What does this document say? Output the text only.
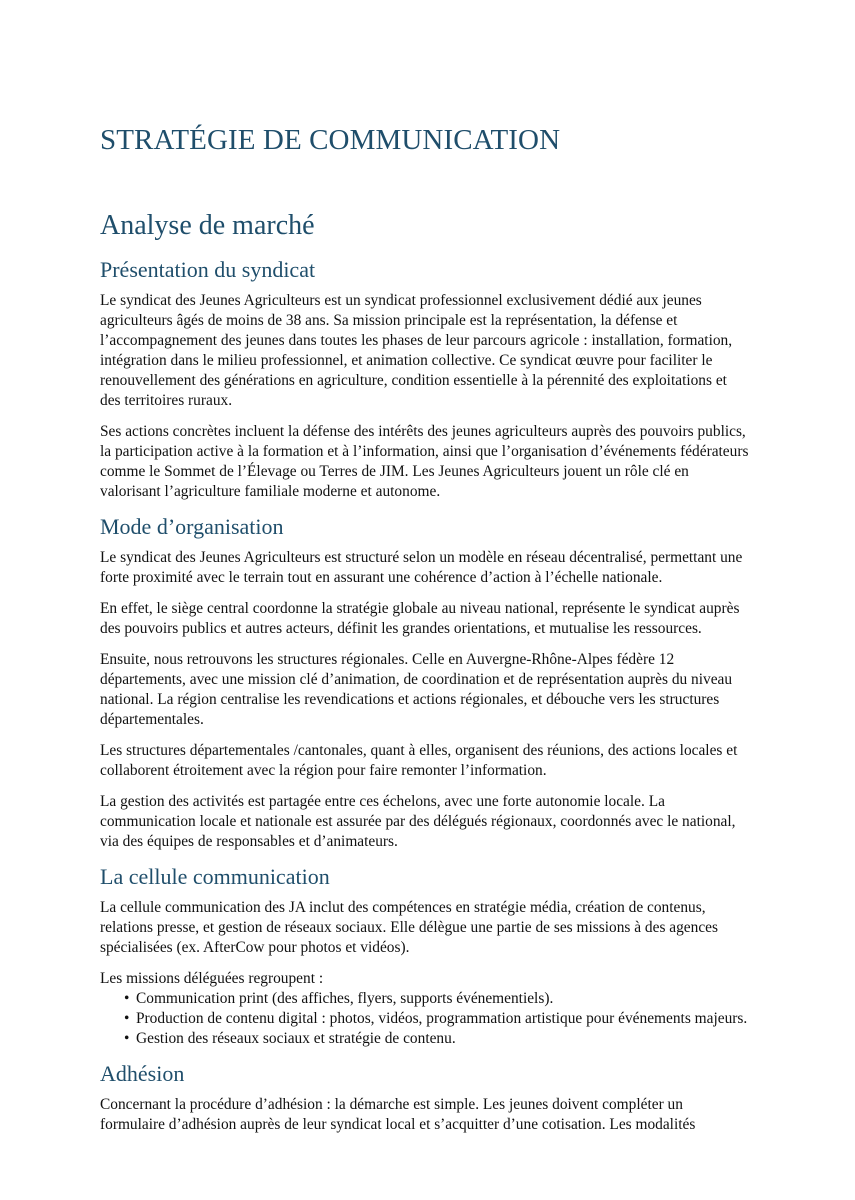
STRATÉGIE DE COMMUNICATION
Analyse de marché
Présentation du syndicat

Le syndicat des Jeunes Agriculteurs est un syndicat professionnel exclusivement dédié aux jeunes agriculteurs âgés de moins de 38 ans. Sa mission principale est la représentation, la défense et l’accompagnement des jeunes dans toutes les phases de leur parcours agricole : installation, formation, intégration dans le milieu professionnel, et animation collective. Ce syndicat œuvre pour faciliter le renouvellement des générations en agriculture, condition essentielle à la pérennité des exploitations et des territoires ruraux.

Ses actions concrètes incluent la défense des intérêts des jeunes agriculteurs auprès des pouvoirs publics, la participation active à la formation et à l’information, ainsi que l’organisation d’événements fédérateurs comme le Sommet de l’Élevage ou Terres de JIM. Les Jeunes Agriculteurs jouent un rôle clé en valorisant l’agriculture familiale moderne et autonome.

Mode d’organisation

Le syndicat des Jeunes Agriculteurs est structuré selon un modèle en réseau décentralisé, permettant une forte proximité avec le terrain tout en assurant une cohérence d’action à l’échelle nationale.

En effet, le siège central coordonne la stratégie globale au niveau national, représente le syndicat auprès des pouvoirs publics et autres acteurs, définit les grandes orientations, et mutualise les ressources.

Ensuite, nous retrouvons les structures régionales. Celle en Auvergne-Rhône-Alpes fédère 12 départements, avec une mission clé d’animation, de coordination et de représentation auprès du niveau national. La région centralise les revendications et actions régionales, et débouche vers les structures départementales.

Les structures départementales /cantonales, quant à elles, organisent des réunions, des actions locales et collaborent étroitement avec la région pour faire remonter l’information.

La gestion des activités est partagée entre ces échelons, avec une forte autonomie locale. La communication locale et nationale est assurée par des délégués régionaux, coordonnés avec le national, via des équipes de responsables et d’animateurs.

La cellule communication

La cellule communication des JA inclut des compétences en stratégie média, création de contenus, relations presse, et gestion de réseaux sociaux. Elle délègue une partie de ses missions à des agences spécialisées (ex. AfterCow pour photos et vidéos).

Les missions déléguées regroupent :

• Communication print (des affiches, flyers, supports événementiels).
• Production de contenu digital : photos, vidéos, programmation artistique pour événements majeurs.
• Gestion des réseaux sociaux et stratégie de contenu.
Adhésion

Concernant la procédure d’adhésion : la démarche est simple. Les jeunes doivent compléter un formulaire d’adhésion auprès de leur syndicat local et s’acquitter d’une cotisation. Les modalités
